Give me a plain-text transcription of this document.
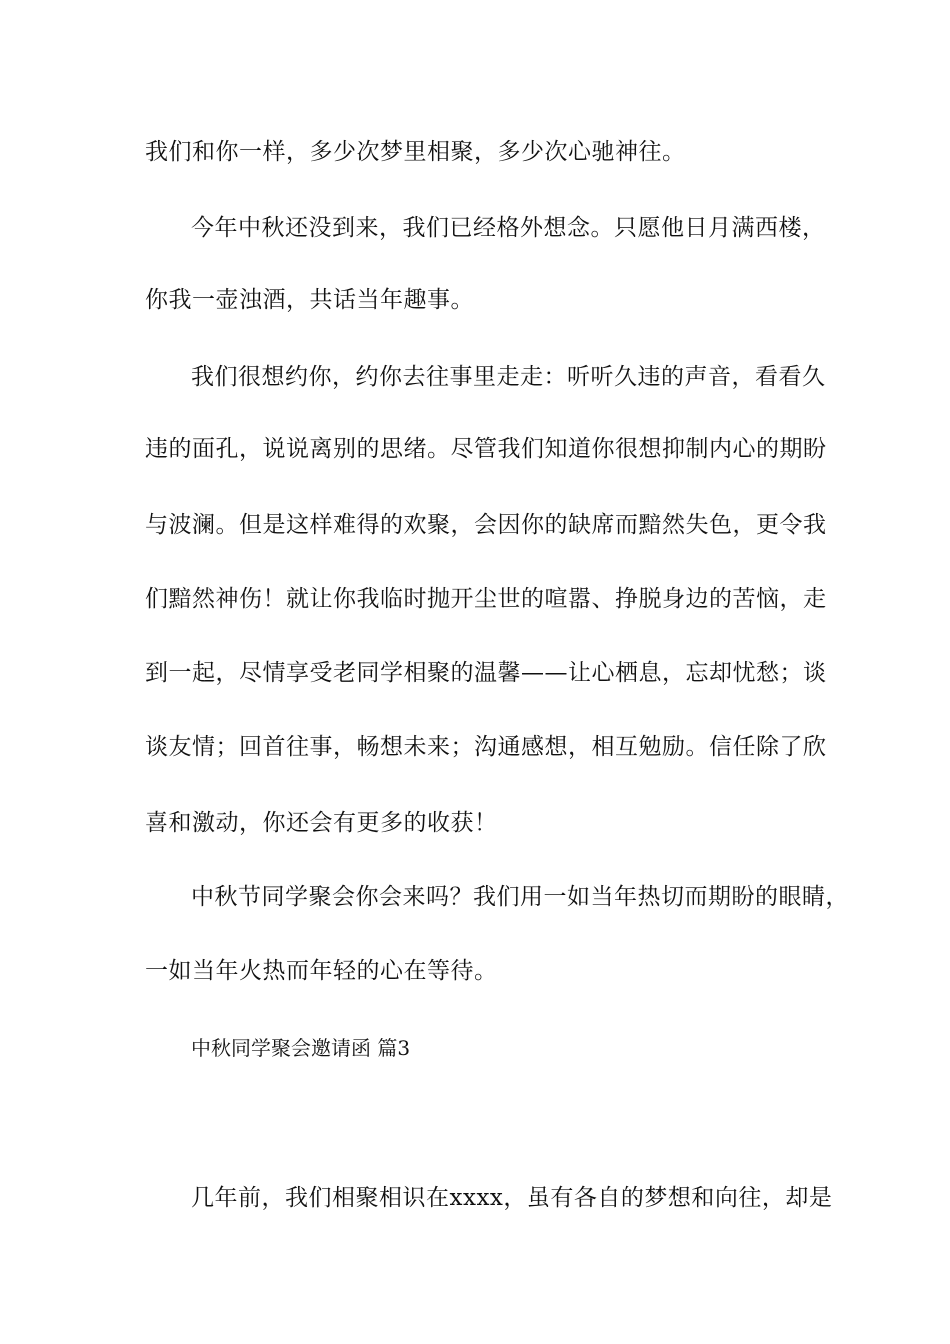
我们和你一样，多少次梦里相聚，多少次心驰神往。
今年中秋还没到来，我们已经格外想念。只愿他日月满西楼，
你我一壶浊酒，共话当年趣事。
我们很想约你，约你去往事里走走：听听久违的声音，看看久
违的面孔，说说离别的思绪。尽管我们知道你很想抑制内心的期盼
与波澜。但是这样难得的欢聚，会因你的缺席而黯然失色，更令我
们黯然神伤！就让你我临时抛开尘世的喧嚣、挣脱身边的苦恼，走
到一起，尽情享受老同学相聚的温馨——让心栖息，忘却忧愁；谈
谈友情；回首往事，畅想未来；沟通感想，相互勉励。信任除了欣
喜和激动，你还会有更多的收获！
中秋节同学聚会你会来吗？我们用一如当年热切而期盼的眼睛，
一如当年火热而年轻的心在等待。
中秋同学聚会邀请函 篇3
几年前，我们相聚相识在xxxx，虽有各自的梦想和向往，却是
